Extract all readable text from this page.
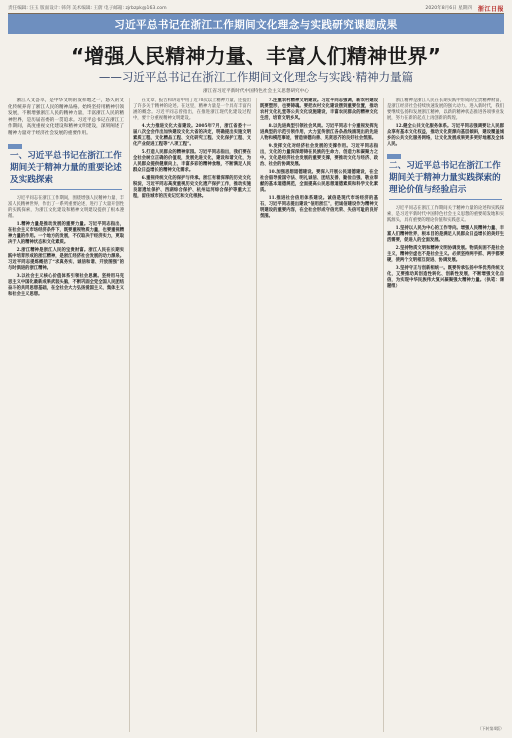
责任编辑: 汪玉 版面设计: 韩剑 美术编辑: 王蔚 电子邮箱: zjrbzpk@163.com	2020年8月6日 星期四 浙江日报
习近平总书记在浙江工作期间文化理念与实践研究课题成果
“增强人民精神力量、丰富人们精神世界”
——习近平总书记在浙江工作期间文化理念与实践·精神力量篇
浙江省习近平新时代中国特色社会主义思想研究中心

浙江人文荟萃，是中华文明的发祥地之一，悠久的文化传统养育了浙江人民的精神品格。始终坚持用精神引领发展，不断增强浙江人民的精神力量，丰富浙江人民的精神世界，是历届省委的一贯追求。习近平总书记在浙江工作期间，高度重视文化建设和精神文明建设，深刻阐述了精神力量对于经济社会发展的重要作用。

一、习近平总书记在浙江工作期间关于精神力量的重要论述及实践探索

习近平同志在浙江工作期间，围绕增强人民精神力量、丰富人民精神世界，作出了一系列重要论述，进行了大量开创性的实践探索，为浙江文化建设和精神文明建设提供了根本遵循。

1.精神力量是推动发展的重要力量。习近平同志指出，在社会主义市场经济条件下，既要重视物质力量，也要重视精神力量的作用。一个地方的发展，不仅取决于经济实力，更取决于人的精神状态和文化素质。

2.浙江精神是浙江人民的宝贵财富。浙江人民在长期实践中培育形成的浙江精神，是浙江经济社会发展的动力源泉。习近平同志提炼概括了“求真务实、诚信和谐、开放图强”的与时俱进的浙江精神。

3.以社会主义核心价值体系引领社会思潮。坚持用马克思主义中国化最新成果武装头脑，不断巩固全党全国人民团结奋斗的共同思想基础，在全社会大力弘扬爱国主义、集体主义和社会主义思想。

在文章、报告和讲话中用了近70次以上精神力量，还提出了许多关于精神的论述。在这里，精神力量是一个具有丰富内涵的概念。习近平同志曾指出，在推进浙江现代化建设过程中，要十分重视精神文明建设。

4.大力推进文化大省建设。2005年7月，浙江省委十一届八次全会作出加快建设文化大省的决定，明确提出实施文明素质工程、文化精品工程、文化研究工程、文化保护工程、文化产业促进工程等“八项工程”。

5.打造人民群众的精神家园。习近平同志指出，我们要在全社会树立正确的价值观，发展先进文化，建设和谐文化，为人民群众提供健康向上、丰富多彩的精神食粮，不断满足人民群众日益增长的精神文化需求。

6.重视传统文化的保护与传承。浙江有着深厚的历史文化积淀，习近平同志高度重视历史文化遗产保护工作，推动实施良渚遗址保护、西湖综合保护、杭州运河综合保护等重大工程，留住城市的历史记忆和文化根脉。

7.注重农村精神文明建设。习近平同志强调，新农村建设既要塑形，也要铸魂。要把农村文化建设摆到重要位置，推动农村文化礼堂等公共文化设施建设，丰富农民群众的精神文化生活，培育文明乡风。

8.以先进典型引领社会风尚。习近平同志十分重视发挥先进典型的示范引领作用，大力宣传浙江各条战线涌现出的先进人物和模范事迹，营造崇德向善、见贤思齐的良好社会氛围。

9.发挥文化对经济社会发展的支撑作用。习近平同志指出，文化的力量深深熔铸在民族的生命力、创造力和凝聚力之中。文化是经济社会发展的重要支撑，要推动文化与经济、政治、社会的协调发展。

10.加强思想道德建设。要深入开展公民道德建设，在全社会倡导爱国守法、明礼诚信、团结友善、勤俭自强、敬业奉献的基本道德规范，全面提高公民思想道德素质和科学文化素质。

11.推进社会信用体系建设。诚信是现代市场经济的基石，习近平同志提出建设“信用浙江”，把诚信建设作为精神文明建设的重要内容，在全社会形成守信光荣、失信可耻的良好氛围。

浙江精神是浙江人民在长期实践中形成的宝贵精神财富，是浙江经济社会持续快速发展的强大动力。进入新时代，我们要继续弘扬和发展浙江精神，以新的精神状态推进各项事业发展，努力在新的起点上再创新的辉煌。

12.健全公共文化服务体系。习近平同志强调要让人民群众享有基本文化权益，推动文化资源向基层倾斜，建设覆盖城乡的公共文化服务网络，让文化发展成果更多更好地惠及全体人民。

二、习近平总书记在浙江工作期间关于精神力量实践探索的理论价值与经验启示

习近平同志在浙江工作期间关于精神力量的论述和实践探索，是习近平新时代中国特色社会主义思想的重要萌发地和实践源头，具有重要的理论价值和实践意义。

1.坚持以人民为中心的工作导向。增强人民精神力量、丰富人们精神世界，根本目的是满足人民群众日益增长的美好生活需要，促进人的全面发展。

2.坚持物质文明和精神文明协调发展。物质贫困不是社会主义，精神空虚也不是社会主义。必须坚持两手抓、两手都要硬，使两个文明相互促进、协调发展。

3.坚持守正与创新相统一。既要传承弘扬中华优秀传统文化，又要推动其创造性转化、创新性发展，不断增强文化自信，为实现中华民族伟大复兴凝聚强大精神力量。（执笔：课题组）

（下转第4版）
